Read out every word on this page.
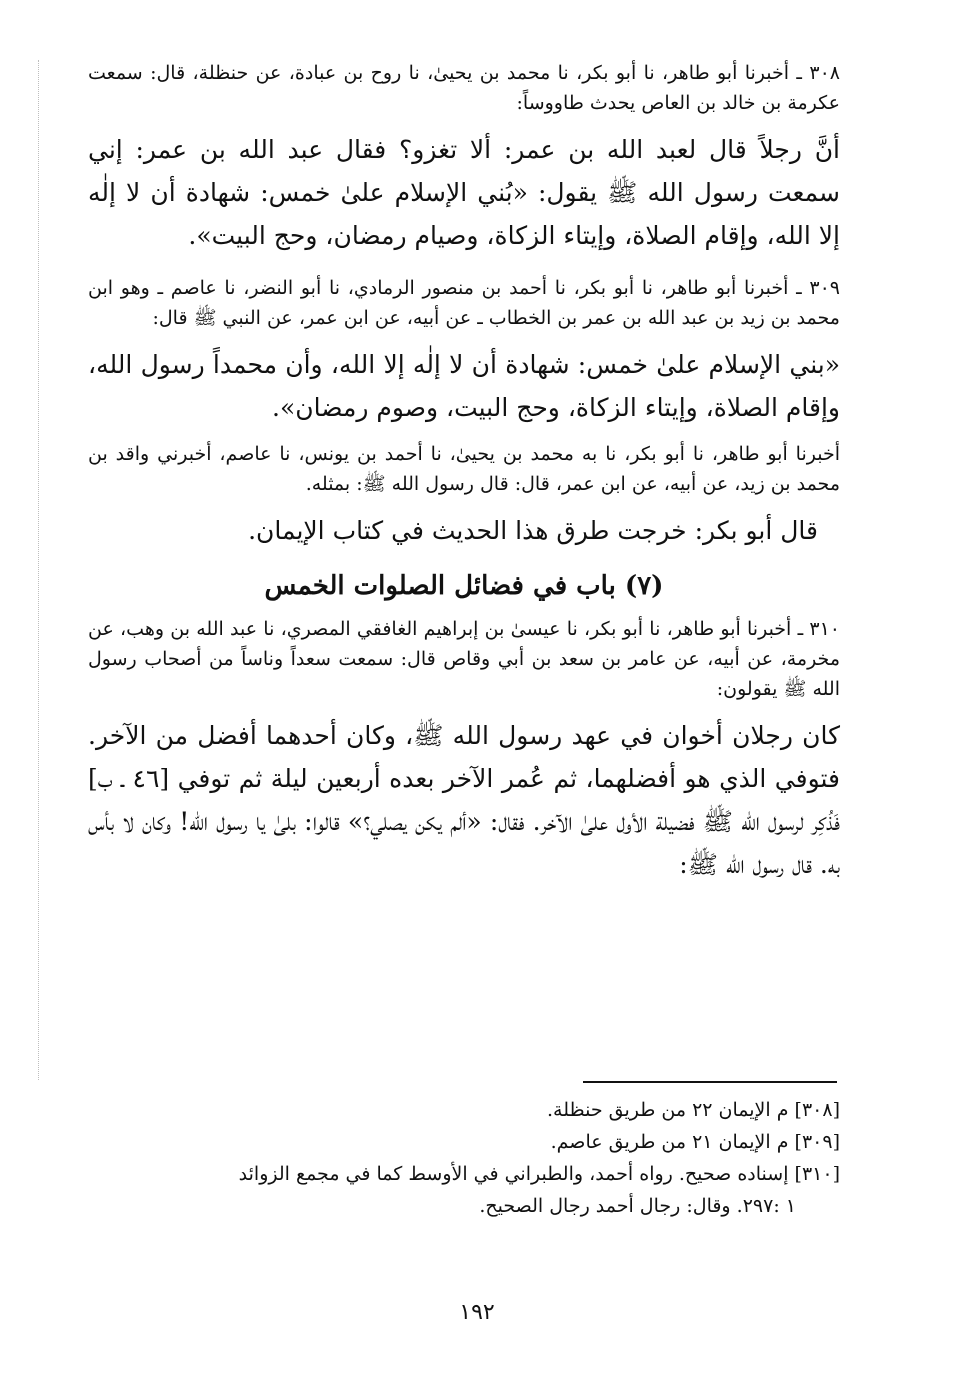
٣٠٨ ـ أخبرنا أبو طاهر، نا أبو بكر، نا محمد بن يحيىٰ، نا روح بن عبادة، عن حنظلة، قال: سمعت عكرمة بن خالد بن العاص يحدث طاووساً:
أنَّ رجلاً قال لعبد الله بن عمر: ألا تغزو؟ فقال عبد الله بن عمر: إني سمعت رسول الله ﷺ يقول: «بُني الإسلام علىٰ خمس: شهادة أن لا إلٰه إلا الله، وإقام الصلاة، وإيتاء الزكاة، وصيام رمضان، وحج البيت».
٣٠٩ ـ أخبرنا أبو طاهر، نا أبو بكر، نا أحمد بن منصور الرمادي، نا أبو النضر، نا عاصم ـ وهو ابن محمد بن زيد بن عبد الله بن عمر بن الخطاب ـ عن أبيه، عن ابن عمر، عن النبي ﷺ قال:
«بني الإسلام علىٰ خمس: شهادة أن لا إلٰه إلا الله، وأن محمداً رسول الله، وإقام الصلاة، وإيتاء الزكاة، وحج البيت، وصوم رمضان».
أخبرنا أبو طاهر، نا أبو بكر، نا به محمد بن يحيىٰ، نا أحمد بن يونس، نا عاصم، أخبرني واقد بن محمد بن زيد، عن أبيه، عن ابن عمر، قال: قال رسول الله ﷺ: بمثله.
قال أبو بكر: خرجت طرق هذا الحديث في كتاب الإيمان.
(٧) باب في فضائل الصلوات الخمس
٣١٠ ـ أخبرنا أبو طاهر، نا أبو بكر، نا عيسىٰ بن إبراهيم الغافقي المصري، نا عبد الله بن وهب، عن مخرمة، عن أبيه، عن عامر بن سعد بن أبي وقاص قال: سمعت سعداً وناساً من أصحاب رسول الله ﷺ يقولون:
كان رجلان أخوان في عهد رسول الله ﷺ، وكان أحدهما أفضل من الآخر. فتوفي الذي هو أفضلهما، ثم عُمر الآخر بعده أربعين ليلة ثم توفي [٤٦ ـ ب] فَذُكِر لرسول الله ﷺ فضيلة الأول علىٰ الآخر. فقال: «ألم يكن يصلي؟» قالوا: بلىٰ يا رسول الله! وكان لا بأس به. قال رسول الله ﷺ:
[٣٠٨] م الإيمان ٢٢ من طريق حنظلة.
[٣٠٩] م الإيمان ٢١ من طريق عاصم.
[٣١٠] إسناده صحيح. رواه أحمد، والطبراني في الأوسط كما في مجمع الزوائد
١ :٢٩٧. وقال: رجال أحمد رجال الصحيح.
١٩٢
